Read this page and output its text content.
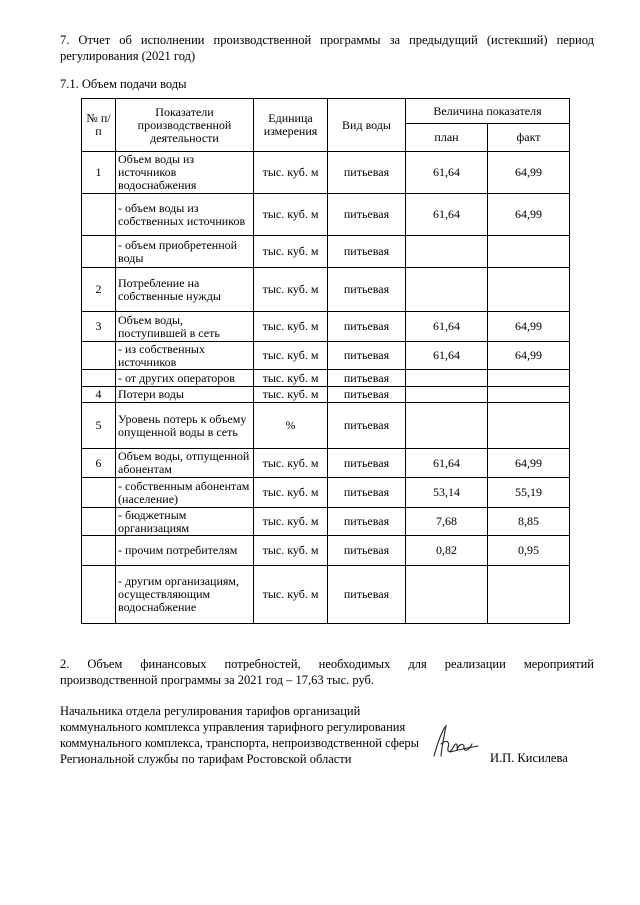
7. Отчет об исполнении производственной программы за предыдущий (истекший) период
регулирования (2021 год)
7.1. Объем подачи воды
№ п/п	Показатели производственной деятельности	Единица измерения	Вид воды	Величина показателя	
				план	факт
1	Объем воды из источников водоснабжения	тыс. куб. м	питьевая	61,64	64,99
	- объем воды из собственных источников	тыс. куб. м	питьевая	61,64	64,99
	- объем приобретенной воды	тыс. куб. м	питьевая		
2	Потребление на собственные нужды	тыс. куб. м	питьевая		
3	Объем воды, поступившей в сеть	тыс. куб. м	питьевая	61,64	64,99
	- из собственных источников	тыс. куб. м	питьевая	61,64	64,99
	- от других операторов	тыс. куб. м	питьевая		
4	Потери воды	тыс. куб. м	питьевая		
5	Уровень потерь к объему опущенной воды в сеть	%	питьевая		
6	Объем воды, отпущенной абонентам	тыс. куб. м	питьевая	61,64	64,99
	- собственным абонентам (население)	тыс. куб. м	питьевая	53,14	55,19
	- бюджетным организациям	тыс. куб. м	питьевая	7,68	8,85
	- прочим потребителям	тыс. куб. м	питьевая	0,82	0,95
	- другим организациям, осуществляющим водоснабжение	тыс. куб. м	питьевая		
2. Объем финансовых потребностей, необходимых для реализации мероприятий
производственной программы за 2021 год – 17,63 тыс. руб.
Начальника отдела регулирования тарифов организаций
коммунального комплекса управления тарифного регулирования
коммунального комплекса, транспорта, непроизводственной сферы
Региональной службы по тарифам Ростовской области	И.П. Кисилева
